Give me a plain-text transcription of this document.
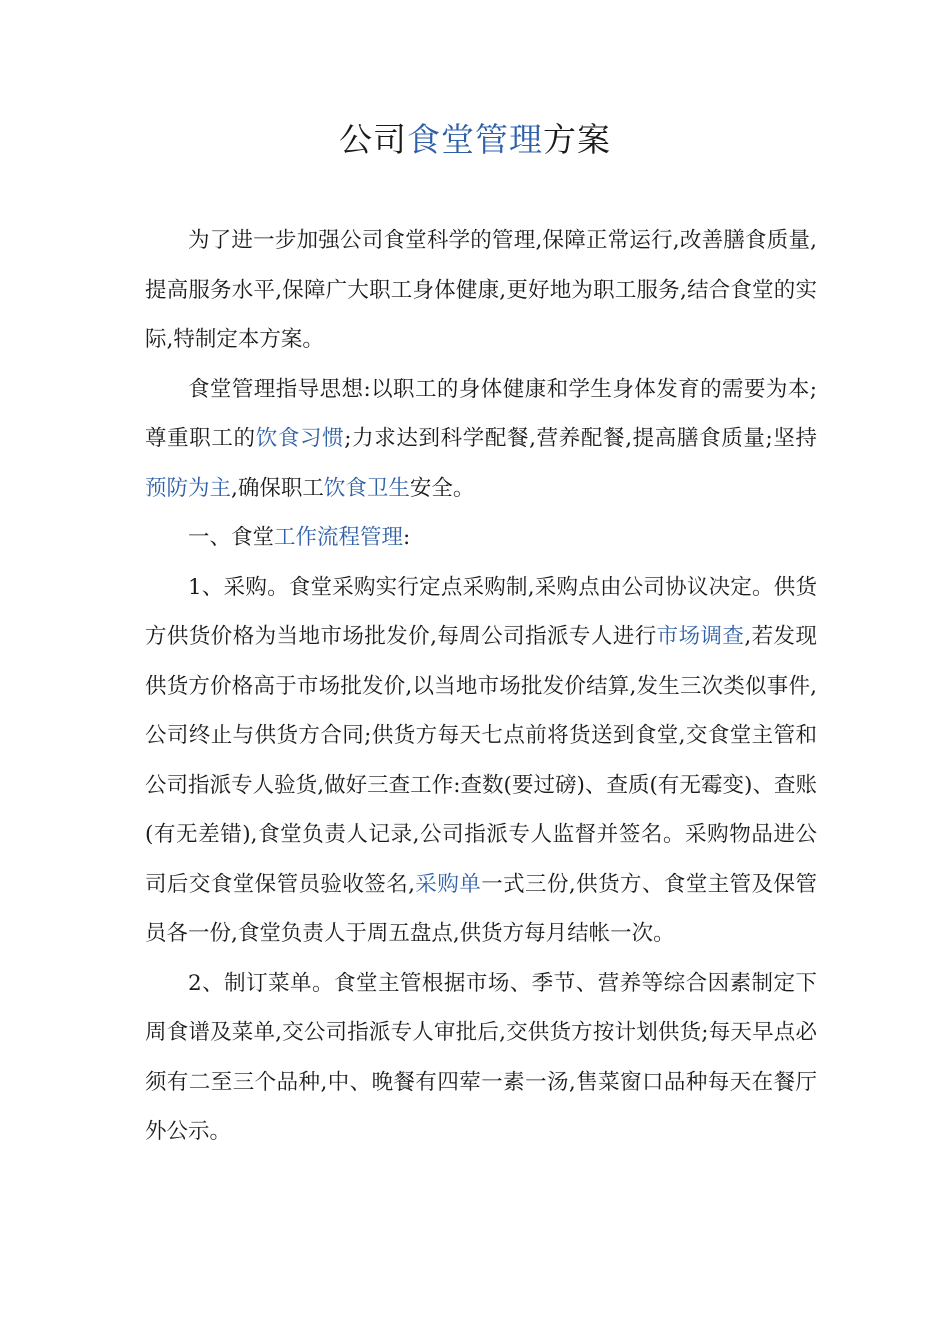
公司食堂管理方案

为了进一步加强公司食堂科学的管理,保障正常运行,改善膳食质量,提高服务水平,保障广大职工身体健康,更好地为职工服务,结合食堂的实际,特制定本方案。

食堂管理指导思想:以职工的身体健康和学生身体发育的需要为本;尊重职工的饮食习惯;力求达到科学配餐,营养配餐,提高膳食质量;坚持预防为主,确保职工饮食卫生安全。

一、食堂工作流程管理:

1、采购。食堂采购实行定点采购制,采购点由公司协议决定。供货方供货价格为当地市场批发价,每周公司指派专人进行市场调查,若发现供货方价格高于市场批发价,以当地市场批发价结算,发生三次类似事件,公司终止与供货方合同;供货方每天七点前将货送到食堂,交食堂主管和公司指派专人验货,做好三查工作:查数(要过磅)、查质(有无霉变)、查账(有无差错),食堂负责人记录,公司指派专人监督并签名。采购物品进公司后交食堂保管员验收签名,采购单一式三份,供货方、食堂主管及保管员各一份,食堂负责人于周五盘点,供货方每月结帐一次。

2、制订菜单。食堂主管根据市场、季节、营养等综合因素制定下周食谱及菜单,交公司指派专人审批后,交供货方按计划供货;每天早点必须有二至三个品种,中、晚餐有四荤一素一汤,售菜窗口品种每天在餐厅外公示。
